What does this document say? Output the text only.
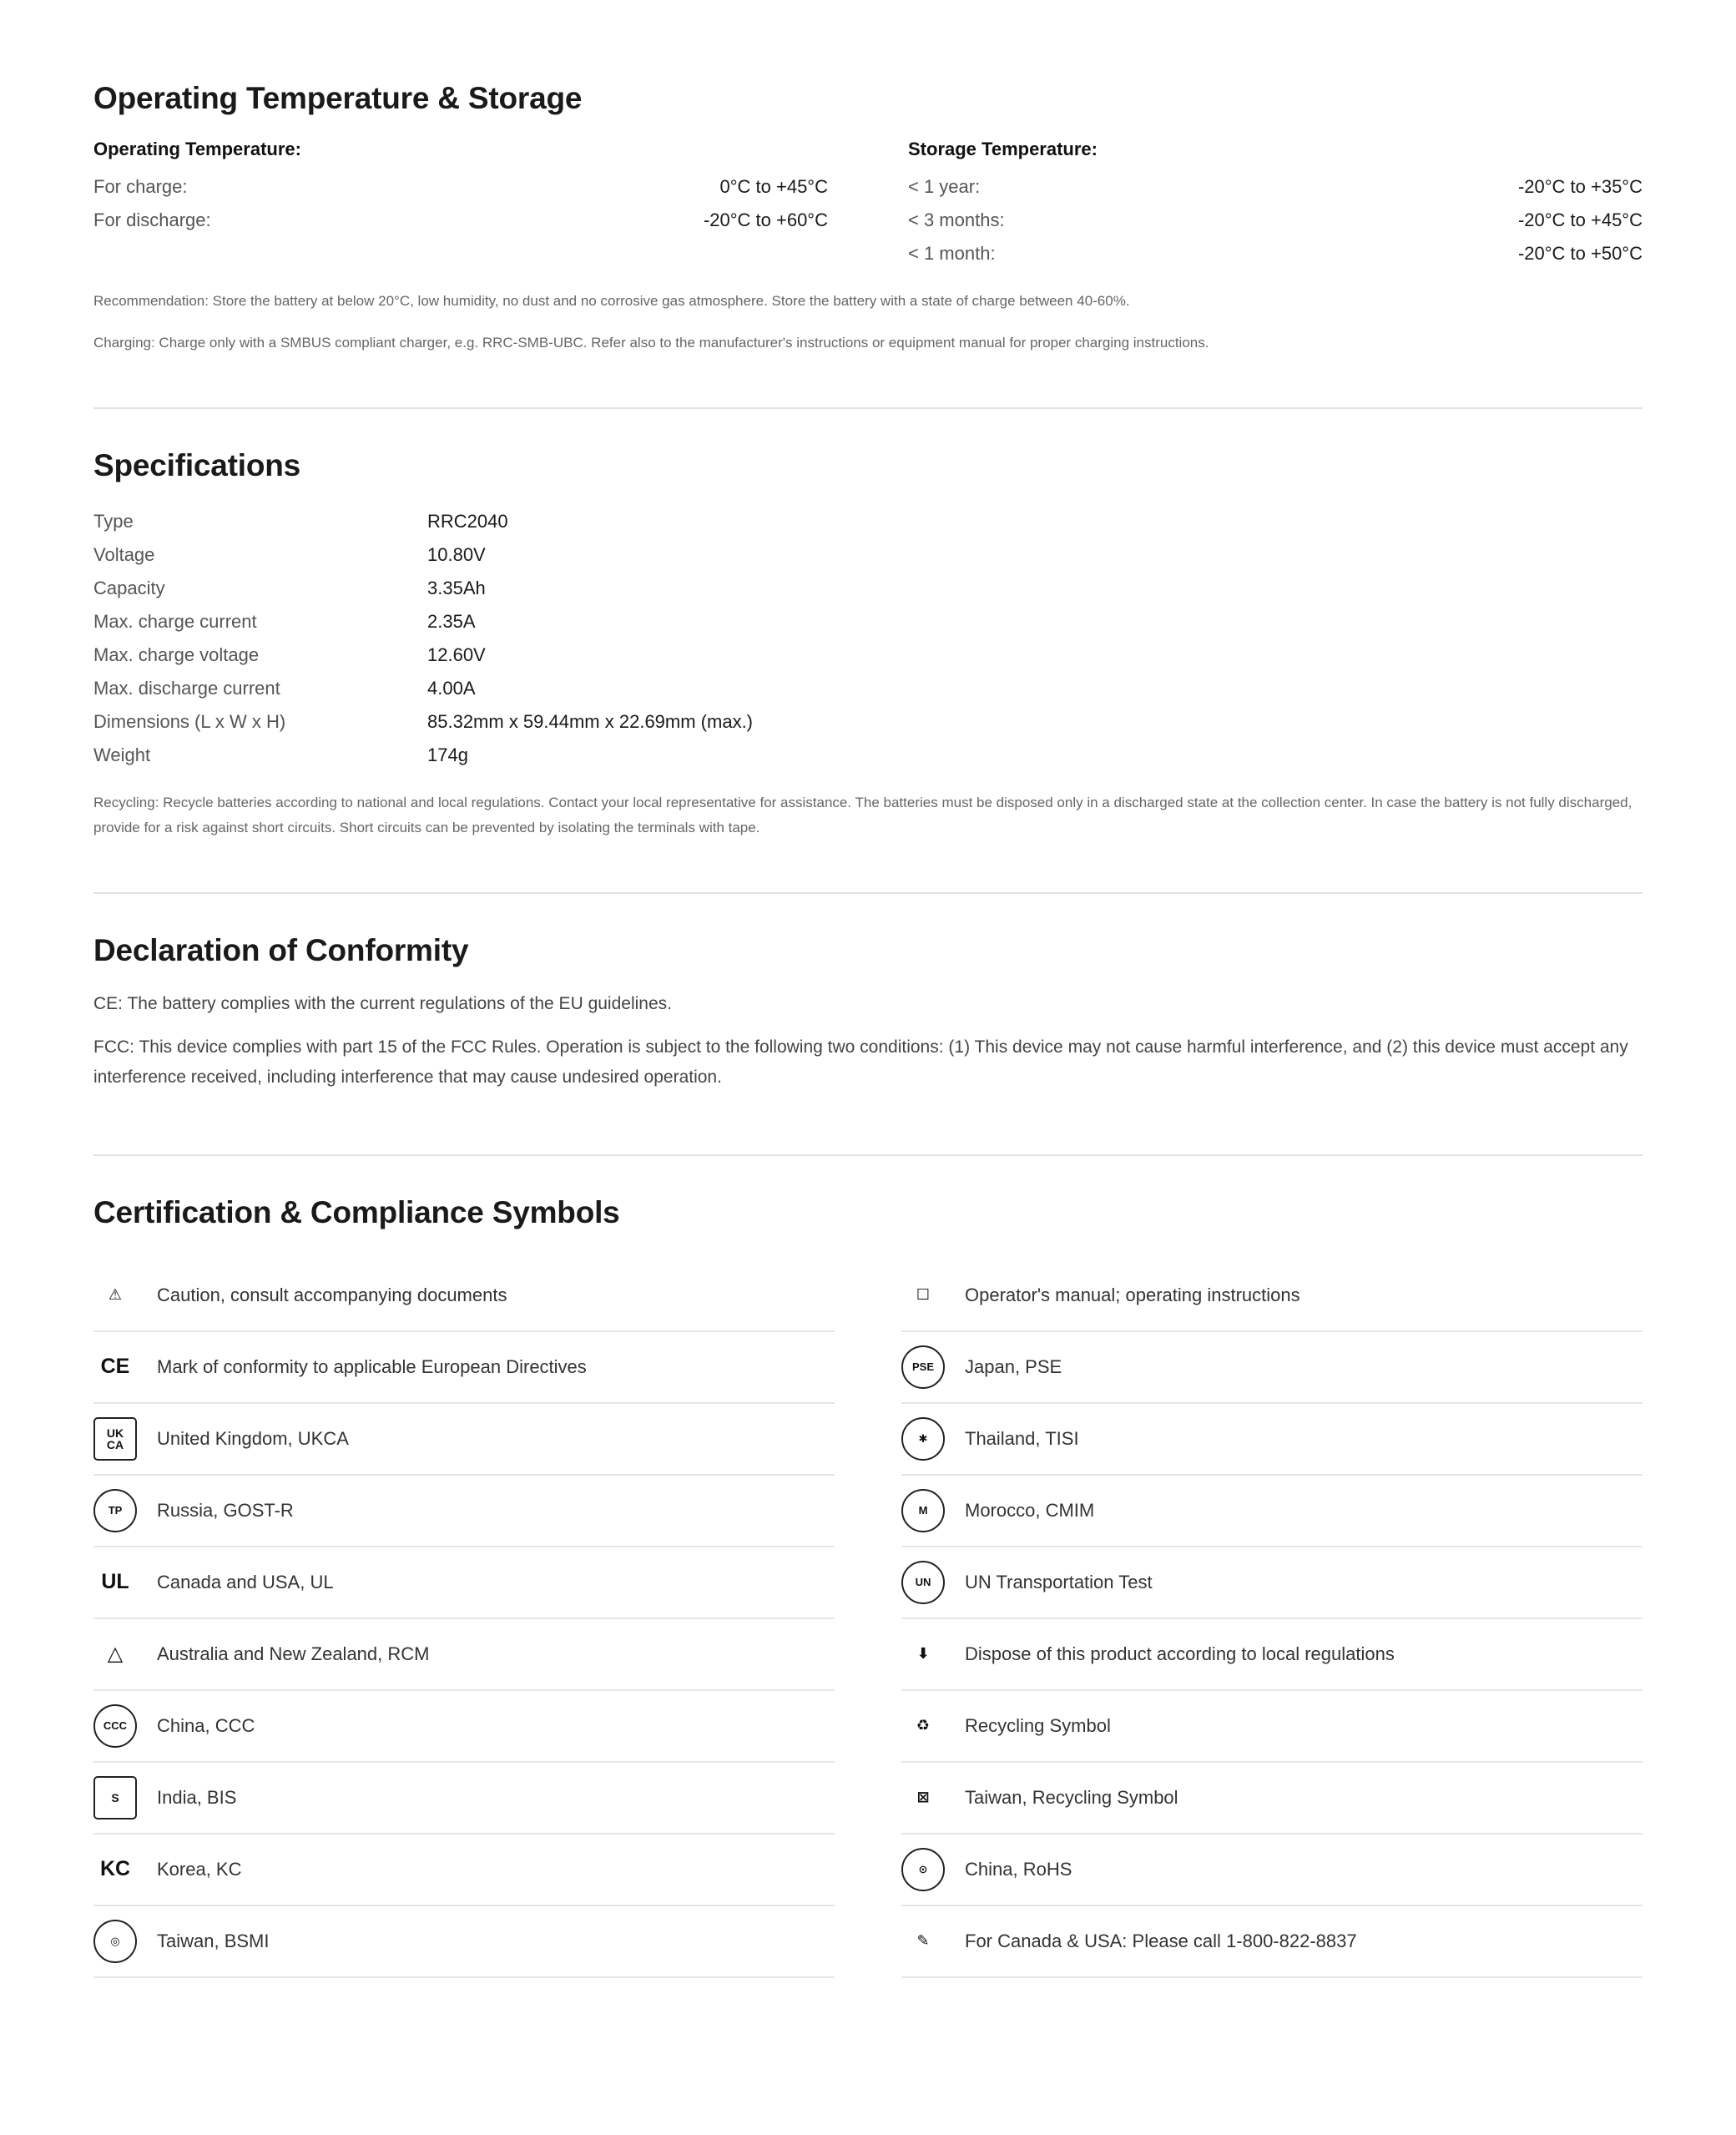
Operating Temperature & Storage
Operating Temperature:
For charge:	0°C to +45°C
For discharge:	-20°C to +60°C
Storage Temperature:
< 1 year:	-20°C to +35°C
< 3 months:	-20°C to +45°C
< 1 month:	-20°C to +50°C

Recommendation: Store the battery at below 20°C, low humidity, no dust and no corrosive gas atmosphere. Store the battery with a state of charge between 40-60%.

Charging: Charge only with a SMBUS compliant charger, e.g. RRC-SMB-UBC. Refer also to the manufacturer's instructions or equipment manual for proper charging instructions.

Specifications
Type	RRC2040
Voltage	10.80V
Capacity	3.35Ah
Max. charge current	2.35A
Max. charge voltage	12.60V
Max. discharge current	4.00A
Dimensions (L x W x H)	85.32mm x 59.44mm x 22.69mm (max.)
Weight	174g

Recycling: Recycle batteries according to national and local regulations. Contact your local representative for assistance. The batteries must be disposed only in a discharged state at the collection center. In case the battery is not fully discharged, provide for a risk against short circuits. Short circuits can be prevented by isolating the terminals with tape.

Declaration of Conformity

CE: The battery complies with the current regulations of the EU guidelines.

FCC: This device complies with part 15 of the FCC Rules. Operation is subject to the following two conditions: (1) This device may not cause harmful interference, and (2) this device must accept any interference received, including interference that may cause undesired operation.

Certification & Compliance Symbols
⚠	Caution, consult accompanying documents
CE	Mark of conformity to applicable European Directives
UK
CA	United Kingdom, UKCA
TP	Russia, GOST-R
UL	Canada and USA, UL
△	Australia and New Zealand, RCM
CCC	China, CCC
S	India, BIS
KC	Korea, KC
◎	Taiwan, BSMI
☐	Operator's manual; operating instructions
PSE	Japan, PSE
✱	Thailand, TISI
M	Morocco, CMIM
UN	UN Transportation Test
⬇	Dispose of this product according to local regulations
♻	Recycling Symbol
⊠	Taiwan, Recycling Symbol
⊙	China, RoHS
✎	For Canada & USA: Please call 1-800-822-8837
